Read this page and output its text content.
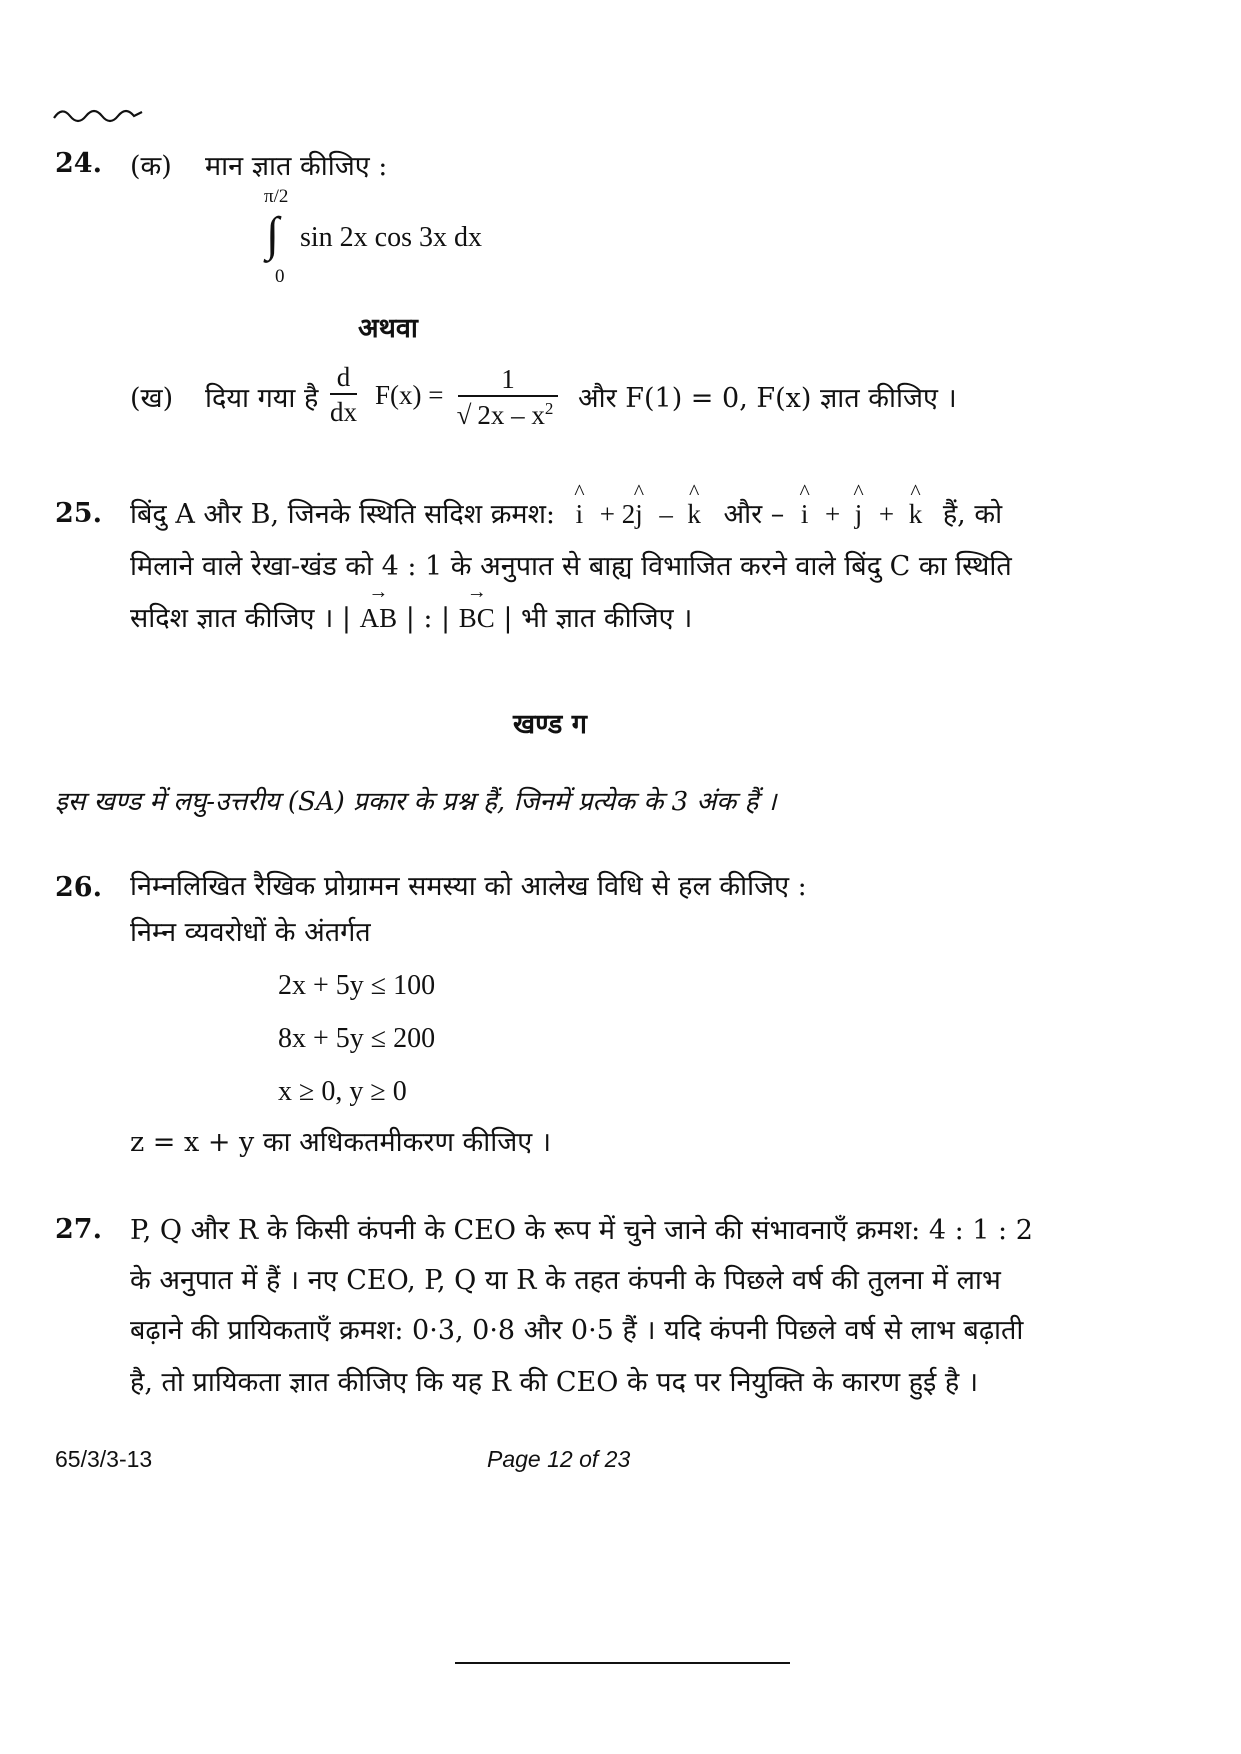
24. (क) मान ज्ञात कीजिए :
π/2
∫
0
sin 2x cos 3x dx
अथवा
(ख) दिया गया है $\frac{d}{dx} F(x) = \frac{1}{√ 2x - x^2}$ और F(1) = 0, F(x) ज्ञात कीजिए ।
25. बिंदु A और B, जिनके स्थिति सदिश क्रमश: ^ i + 2^ j – ^ k और – ^ i + ^ j + ^ k हैं, को
मिलाने वाले रेखा-खंड को 4 : 1 के अनुपात से बाह्य विभाजित करने वाले बिंदु C का स्थिति
सदिश ज्ञात कीजिए । | → AB | : | → BC | भी ज्ञात कीजिए ।
खण्ड ग
इस खण्ड में लघु-उत्तरीय (SA) प्रकार के प्रश्न हैं, जिनमें प्रत्येक के 3 अंक हैं ।
26. निम्नलिखित रैखिक प्रोग्रामन समस्या को आलेख विधि से हल कीजिए :
निम्न व्यवरोधों के अंतर्गत
2x + 5y ≤ 100
8x + 5y ≤ 200
x ≥ 0, y ≥ 0
z = x + y का अधिकतमीकरण कीजिए ।
27. P, Q और R के किसी कंपनी के CEO के रूप में चुने जाने की संभावनाएँ क्रमश: 4 : 1 : 2
के अनुपात में हैं । नए CEO, P, Q या R के तहत कंपनी के पिछले वर्ष की तुलना में लाभ
बढ़ाने की प्रायिकताएँ क्रमश: 0·3, 0·8 और 0·5 हैं । यदि कंपनी पिछले वर्ष से लाभ बढ़ाती
है, तो प्रायिकता ज्ञात कीजिए कि यह R की CEO के पद पर नियुक्ति के कारण हुई है ।
65/3/3-13	Page 12 of 23
